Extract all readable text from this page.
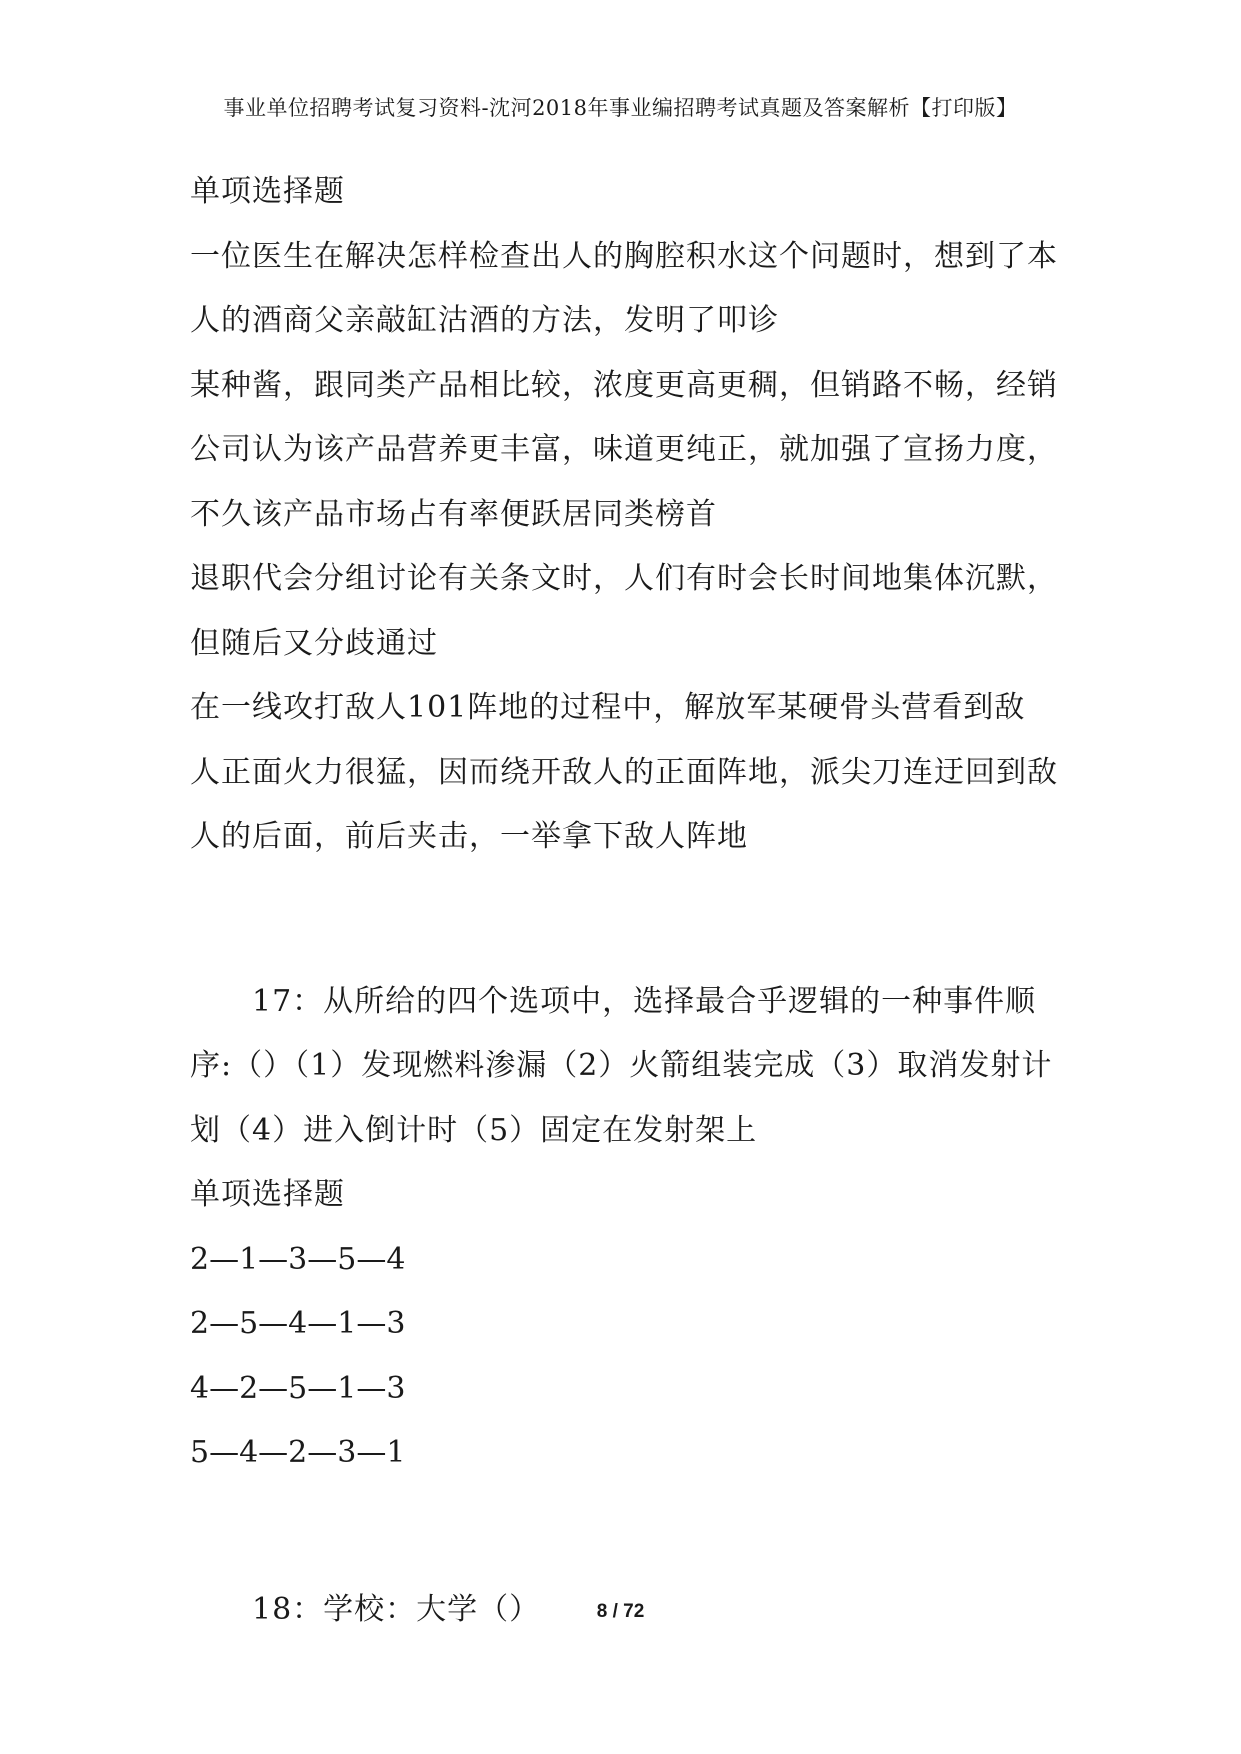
事业单位招聘考试复习资料-沈河2018年事业编招聘考试真题及答案解析【打印版】
单项选择题
一位医生在解决怎样检查出人的胸腔积水这个问题时，想到了本
人的酒商父亲敲缸沽酒的方法，发明了叩诊
某种酱，跟同类产品相比较，浓度更高更稠，但销路不畅，经销
公司认为该产品营养更丰富，味道更纯正，就加强了宣扬力度，
不久该产品市场占有率便跃居同类榜首
退职代会分组讨论有关条文时，人们有时会长时间地集体沉默，
但随后又分歧通过
在一线攻打敌人101阵地的过程中，解放军某硬骨头营看到敌
人正面火力很猛，因而绕开敌人的正面阵地，派尖刀连迂回到敌
人的后面，前后夹击，一举拿下敌人阵地
17：从所给的四个选项中，选择最合乎逻辑的一种事件顺
序:（）（1）发现燃料渗漏（2）火箭组装完成（3）取消发射计
划（4）进入倒计时（5）固定在发射架上
单项选择题
2—1—3—5—4
2—5—4—1—3
4—2—5—1—3
5—4—2—3—1
18：学校：大学（）	8 / 72
